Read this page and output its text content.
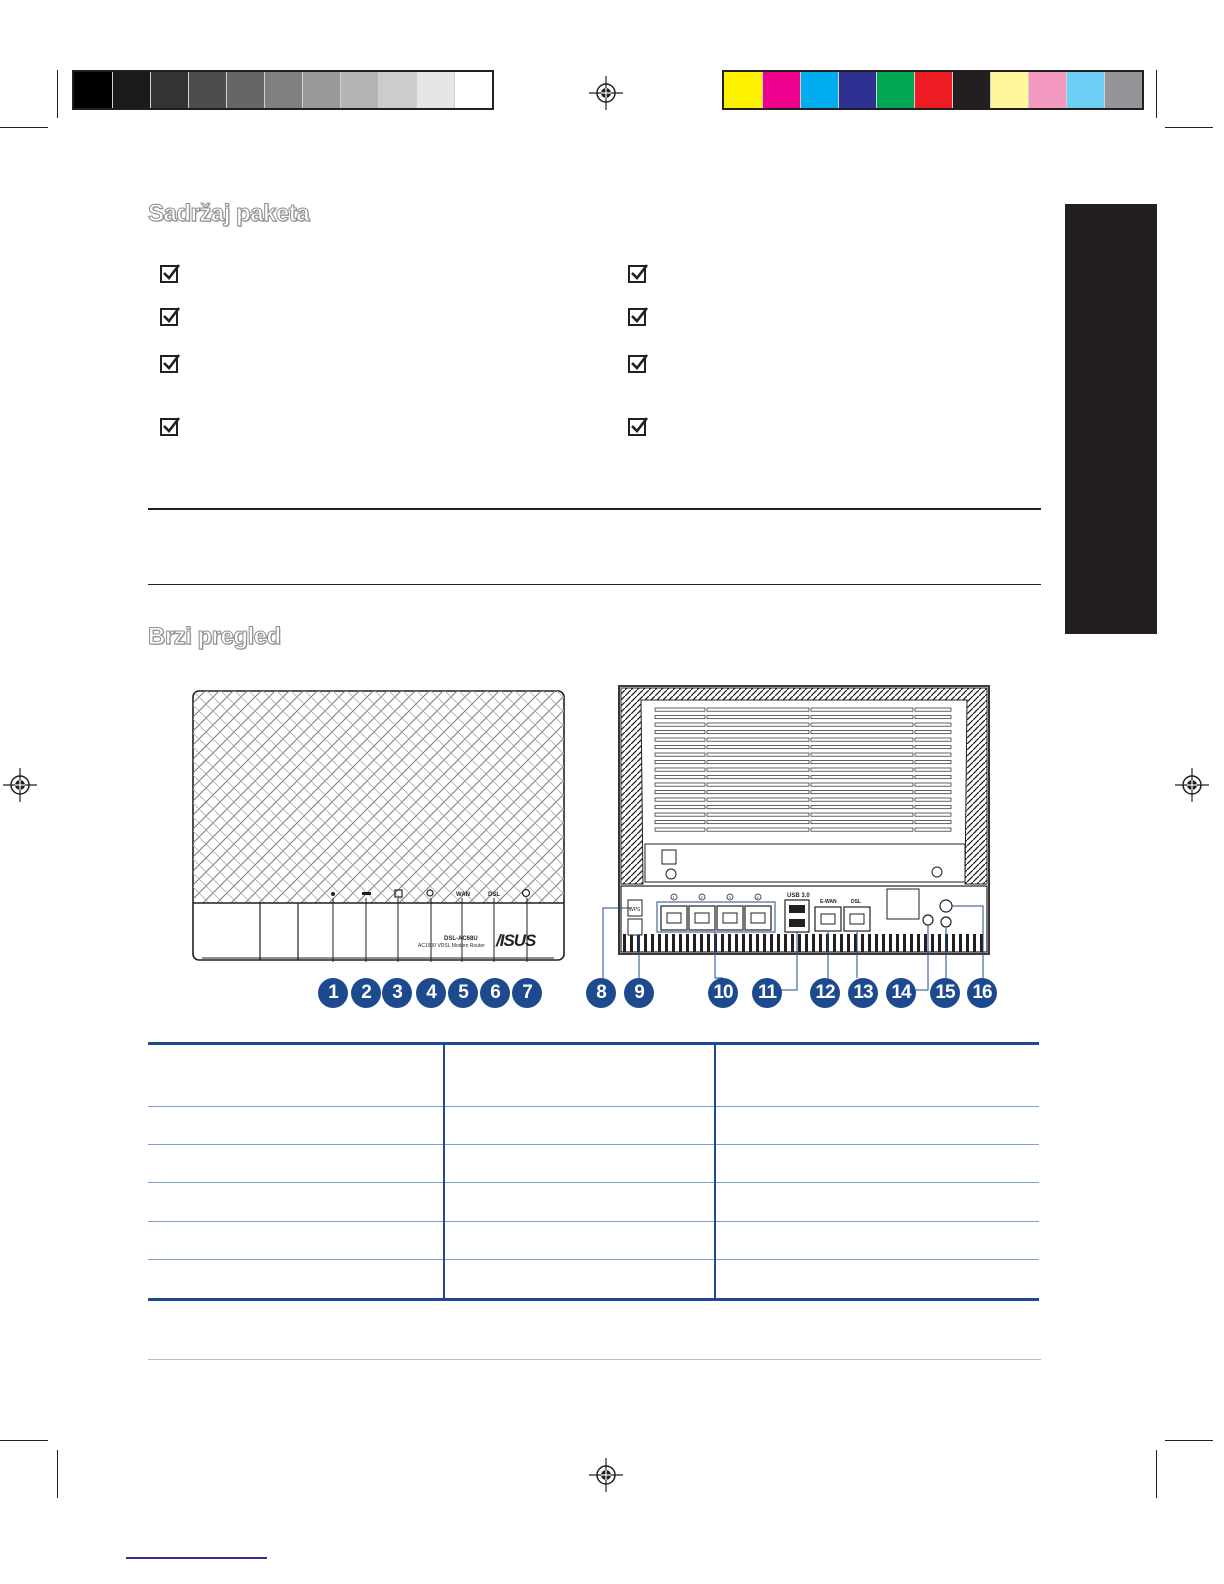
Sadržaj paketa
Brzi pregled
WAN	DSL
DSL-AC68U
AC1900 VDSL Modem Router /ISUS
WPS
1	2	3	4	USB 3.0
E-WAN	DSL
1	2	3	4	5	6	7	8	9	10	11	12 13 14 15 16
